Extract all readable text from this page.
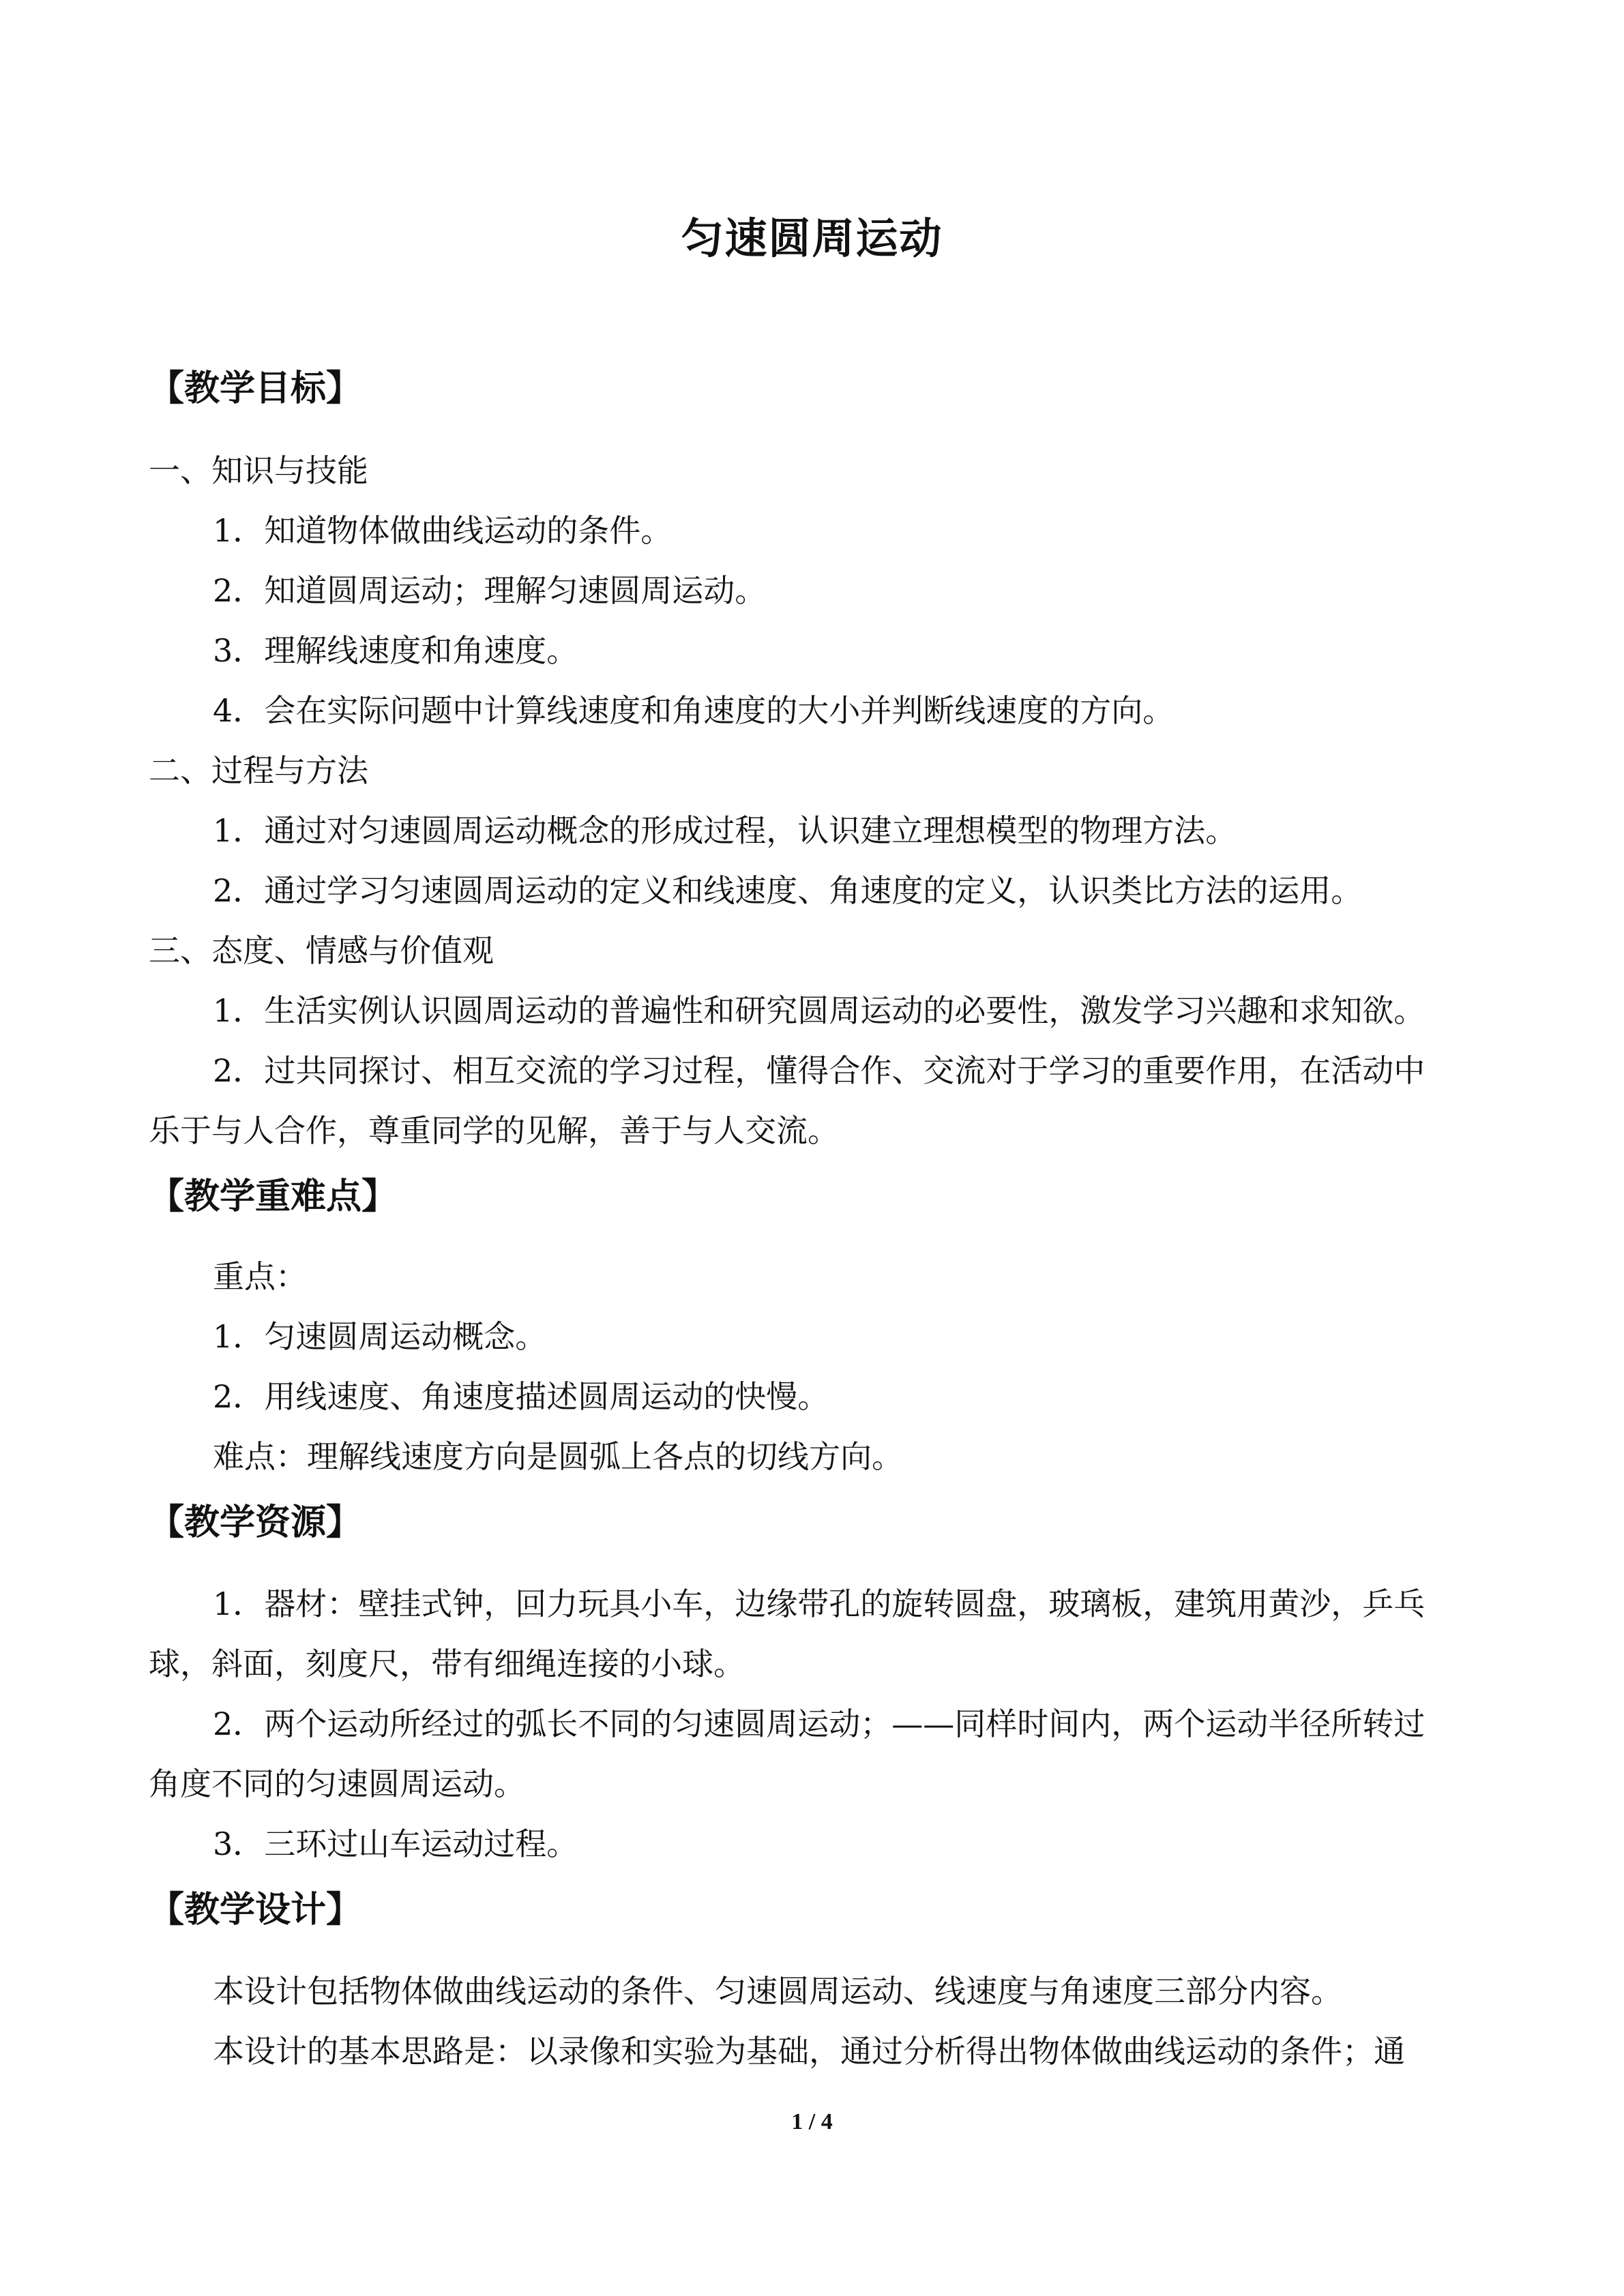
匀速圆周运动
【教学目标】
一、知识与技能
1．知道物体做曲线运动的条件。
2．知道圆周运动；理解匀速圆周运动。
3．理解线速度和角速度。
4．会在实际问题中计算线速度和角速度的大小并判断线速度的方向。
二、过程与方法
1．通过对匀速圆周运动概念的形成过程，认识建立理想模型的物理方法。
2．通过学习匀速圆周运动的定义和线速度、角速度的定义，认识类比方法的运用。
三、态度、情感与价值观
1．生活实例认识圆周运动的普遍性和研究圆周运动的必要性，激发学习兴趣和求知欲。
2．过共同探讨、相互交流的学习过程，懂得合作、交流对于学习的重要作用，在活动中
乐于与人合作，尊重同学的见解，善于与人交流。
【教学重难点】
重点：
1．匀速圆周运动概念。
2．用线速度、角速度描述圆周运动的快慢。
难点：理解线速度方向是圆弧上各点的切线方向。
【教学资源】
1．器材：壁挂式钟，回力玩具小车，边缘带孔的旋转圆盘，玻璃板，建筑用黄沙，乒乓
球，斜面，刻度尺，带有细绳连接的小球。
2．两个运动所经过的弧长不同的匀速圆周运动；——同样时间内，两个运动半径所转过
角度不同的匀速圆周运动。
3．三环过山车运动过程。
【教学设计】
本设计包括物体做曲线运动的条件、匀速圆周运动、线速度与角速度三部分内容。
本设计的基本思路是：以录像和实验为基础，通过分析得出物体做曲线运动的条件；通
1 / 4
